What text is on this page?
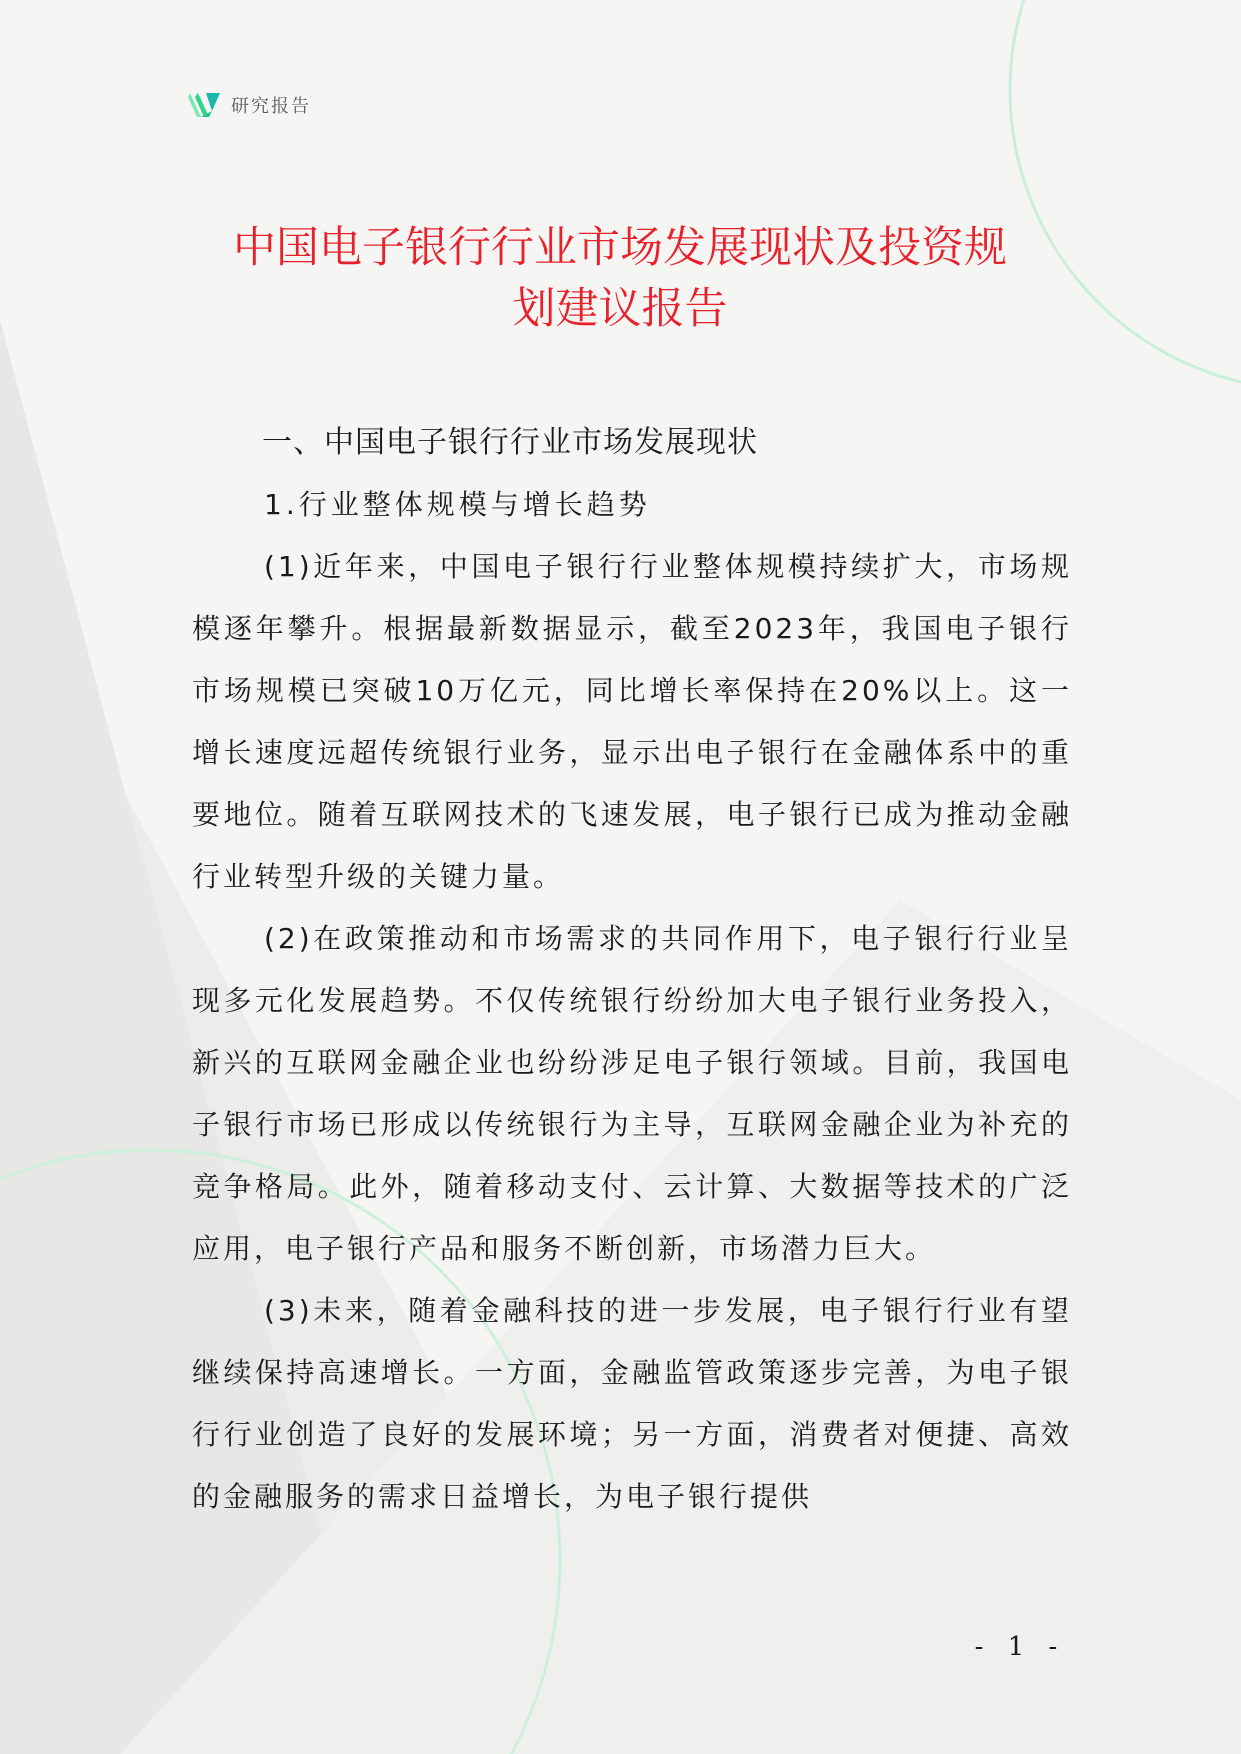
研究报告
中国电子银行行业市场发展现状及投资规
划建议报告
一、中国电子银行行业市场发展现状
1.行业整体规模与增长趋势

(1)近年来，中国电子银行行业整体规模持续扩大，市场规模逐年攀升。根据最新数据显示，截至2023年，我国电子银行市场规模已突破10万亿元，同比增长率保持在20%以上。这一增长速度远超传统银行业务，显示出电子银行在金融体系中的重要地位。随着互联网技术的飞速发展，电子银行已成为推动金融行业转型升级的关键力量。

(2)在政策推动和市场需求的共同作用下，电子银行行业呈现多元化发展趋势。不仅传统银行纷纷加大电子银行业务投入，新兴的互联网金融企业也纷纷涉足电子银行领域。目前，我国电子银行市场已形成以传统银行为主导，互联网金融企业为补充的竞争格局。此外，随着移动支付、云计算、大数据等技术的广泛应用，电子银行产品和服务不断创新，市场潜力巨大。

(3)未来，随着金融科技的进一步发展，电子银行行业有望继续保持高速增长。一方面，金融监管政策逐步完善，为电子银行行业创造了良好的发展环境；另一方面，消费者对便捷、高效的金融服务的需求日益增长，为电子银行提供

- 1 -
